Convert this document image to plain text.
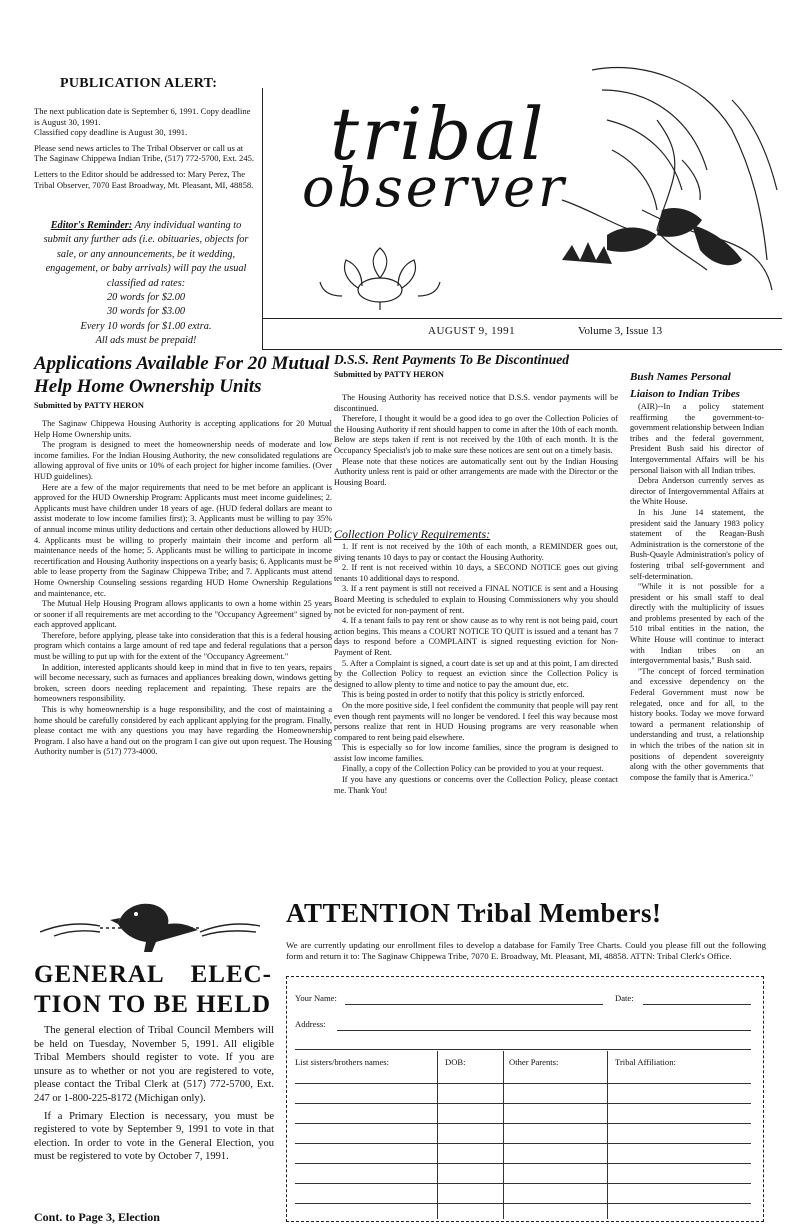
PUBLICATION ALERT:

The next publication date is September 6, 1991. Copy deadline is August 30, 1991.
Classified copy deadline is August 30, 1991.

Please send news articles to The Tribal Observer or call us at The Saginaw Chippewa Indian Tribe, (517) 772-5700, Ext. 245.

Letters to the Editor should be addressed to: Mary Perez, The Tribal Observer, 7070 East Broadway, Mt. Pleasant, MI, 48858.

Editor's Reminder: Any individual wanting to submit any further ads (i.e. obituaries, objects for sale, or any announcements, be it wedding, engagement, or baby arrivals) will pay the usual classified ad rates:
20 words for $2.00
30 words for $3.00
Every 10 words for $1.00 extra.
All ads must be prepaid!
tribal
observer
AUGUST 9, 1991	Volume 3, Issue 13
Applications Available For 20 Mutual Help Home Ownership Units
Submitted by PATTY HERON

The Saginaw Chippewa Housing Authority is accepting applications for 20 Mutual Help Home Ownership units.

The program is designed to meet the homeownership needs of moderate and low income families. For the Indian Housing Authority, the new consolidated regulations are allowing approval of five units or 10% of each project for higher income families. (Over HUD guidelines).

Here are a few of the major requirements that need to be met before an applicant is approved for the HUD Ownership Program: Applicants must meet income guidelines; 2. Applicants must have children under 18 years of age. (HUD federal dollars are meant to assist moderate to low income families first); 3. Applicants must be willing to pay 35% of annual income minus utility deductions and certain other deductions allowed by HUD; 4. Applicants must be willing to properly maintain their income and perform all maintenance needs of the home; 5. Applicants must be willing to participate in income recertification and Housing Authority inspections on a yearly basis; 6. Applicants must be able to lease property from the Saginaw Chippewa Tribe; and 7. Applicants must attend Home Ownership Counseling sessions regarding HUD Home Ownership Regulations and maintenance, etc.

The Mutual Help Housing Program allows applicants to own a home within 25 years or sooner if all requirements are met according to the "Occupancy Agreement" signed by each approved applicant.

Therefore, before applying, please take into consideration that this is a federal housing program which contains a large amount of red tape and federal regulations that a person must be willing to put up with for the extent of the "Occupancy Agreement."

In addition, interested applicants should keep in mind that in five to ten years, repairs will become necessary, such as furnaces and appliances breaking down, windows getting broken, screen doors needing replacement and repainting. These repairs are the homeowners responsibility.

This is why homeownership is a huge responsibility, and the cost of maintaining a home should be carefully considered by each applicant applying for the program. Finally, please contact me with any questions you may have regarding the Homeownership Program. I also have a hand out on the program I can give out upon request. The Housing Authority number is (517) 773-4000.

D.S.S. Rent Payments To Be Discontinued
Submitted by PATTY HERON

The Housing Authority has received notice that D.S.S. vendor payments will be discontinued.

Therefore, I thought it would be a good idea to go over the Collection Policies of the Housing Authority if rent should happen to come in after the 10th of each month. Below are steps taken if rent is not received by the 10th of each month. It is the Occupancy Specialist's job to make sure these notices are sent out on a timely basis.

Please note that these notices are automatically sent out by the Indian Housing Authority unless rent is paid or other arrangements are made with the Director or the Housing Board.

Collection Policy Requirements:

1. If rent is not received by the 10th of each month, a REMINDER goes out, giving tenants 10 days to pay or contact the Housing Authority.

2. If rent is not received within 10 days, a SECOND NOTICE goes out giving tenants 10 additional days to respond.

3. If a rent payment is still not received a FINAL NOTICE is sent and a Housing Board Meeting is scheduled to explain to Housing Commissioners why you should not be evicted for non-payment of rent.

4. If a tenant fails to pay rent or show cause as to why rent is not being paid, court action begins. This means a COURT NOTICE TO QUIT is issued and a tenant has 7 days to respond before a COMPLAINT is signed requesting eviction for Non-Payment of Rent.

5. After a Complaint is signed, a court date is set up and at this point, I am directed by the Collection Policy to request an eviction since the Collection Policy is designed to allow plenty to time and notice to pay the amount due, etc.

This is being posted in order to notify that this policy is strictly enforced.

On the more positive side, I feel confident the community that people will pay rent even though rent payments will no longer be vendored. I feel this way because most persons realize that rent in HUD Housing programs are very reasonable when compared to rent being paid elsewhere.

This is especially so for low income families, since the program is designed to assist low income families.

Finally, a copy of the Collection Policy can be provided to you at your request.

If you have any questions or concerns over the Collection Policy, please contact me. Thank You!

Bush Names Personal Liaison to Indian Tribes

(AIR)--In a policy statement reaffirming the government-to-government relationship between Indian tribes and the federal government, President Bush said his director of Intergovernmental Affairs will be his personal liaison with all Indian tribes.

Debra Anderson currently serves as director of Intergovernmental Affairs at the White House.

In his June 14 statement, the president said the January 1983 policy statement of the Reagan-Bush Administration is the cornerstone of the Bush-Quayle Administration's policy of fostering tribal self-government and self-determination.

"While it is not possible for a president or his small staff to deal directly with the multiplicity of issues and problems presented by each of the 510 tribal entities in the nation, the White House will continue to interact with Indian tribes on an intergovernmental basis," Bush said.

"The concept of forced termination and excessive dependency on the Federal Government must now be relegated, once and for all, to the history books. Today we move forward toward a permanent relationship of understanding and trust, a relationship in which the tribes of the nation sit in positions of dependent sovereignty along with the other governments that compose the family that is America."

GENERAL ELEC-
TION TO BE HELD

The general election of Tribal Council Members will be held on Tuesday, November 5, 1991. All eligible Tribal Members should register to vote. If you are unsure as to whether or not you are registered to vote, please contact the Tribal Clerk at (517) 772-5700, Ext. 247 or 1-800-225-8172 (Michigan only).

If a Primary Election is necessary, you must be registered to vote by September 9, 1991 to vote in that election. In order to vote in the General Election, you must be registered to vote by October 7, 1991.

Cont. to Page 3, Election
ATTENTION Tribal Members!
We are currently updating our enrollment files to develop a database for Family Tree Charts. Could you please fill out the following form and return it to: The Saginaw Chippewa Tribe, 7070 E. Broadway, Mt. Pleasant, MI, 48858. ATTN: Tribal Clerk's Office.
Your Name:	Date:
Address:
List sisters/brothers names:	DOB:	Other Parents:	Tribal Affiliation:
